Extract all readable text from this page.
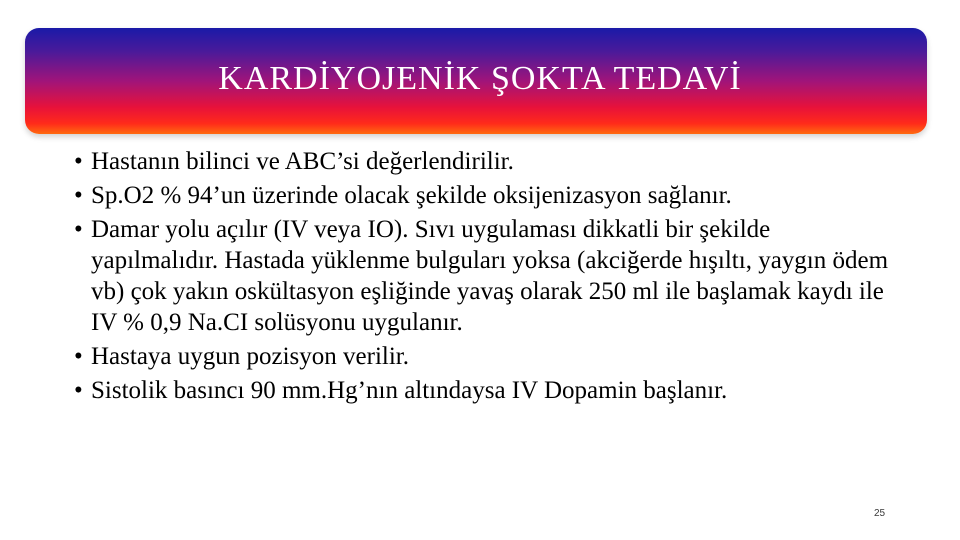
KARDİYOJENİK ŞOKTA TEDAVİ
• Hastanın bilinci ve ABC’si değerlendirilir.
• Sp.O2 % 94’un üzerinde olacak şekilde oksijenizasyon sağlanır.
• Damar yolu açılır (IV veya IO). Sıvı uygulaması dikkatli bir şekilde yapılmalıdır. Hastada yüklenme bulguları yoksa (akciğerde hışıltı, yaygın ödem vb) çok yakın oskültasyon eşliğinde yavaş olarak 250 ml ile başlamak kaydı ile IV % 0,9 Na.CI solüsyonu uygulanır.
• Hastaya uygun pozisyon verilir.
• Sistolik basıncı 90 mm.Hg’nın altındaysa IV Dopamin başlanır.
25
